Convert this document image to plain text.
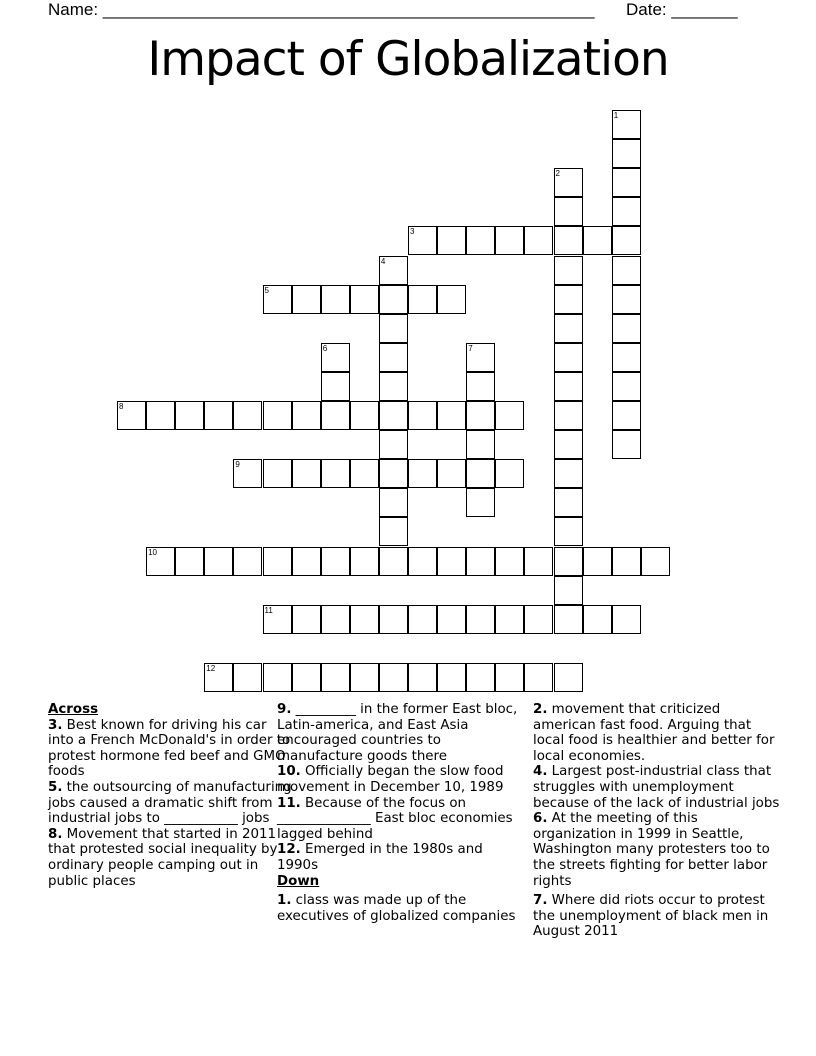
Name: ____________________________________________________ Date: _______
Impact of Globalization
1
2
3
4
5
6	7
8
9
10
11
12
Across
3. Best known for driving his car into a French McDonald's in order to protest hormone fed beef and GMO foods
5. the outsourcing of manufacturing jobs caused a dramatic shift from industrial jobs to ___________ jobs
8. Movement that started in 2011 that protested social inequality by ordinary people camping out in public places
9. _________ in the former East bloc, Latin-america, and East Asia encouraged countries to manufacture goods there
10. Officially began the slow food movement in December 10, 1989
11. Because of the focus on ______________ East bloc economies lagged behind
12. Emerged in the 1980s and 1990s
Down
1. class was made up of the executives of globalized companies
2. movement that criticized american fast food. Arguing that local food is healthier and better for local economies.
4. Largest post-industrial class that struggles with unemployment because of the lack of industrial jobs
6. At the meeting of this organization in 1999 in Seattle, Washington many protesters too to the streets fighting for better labor rights
7. Where did riots occur to protest the unemployment of black men in August 2011
